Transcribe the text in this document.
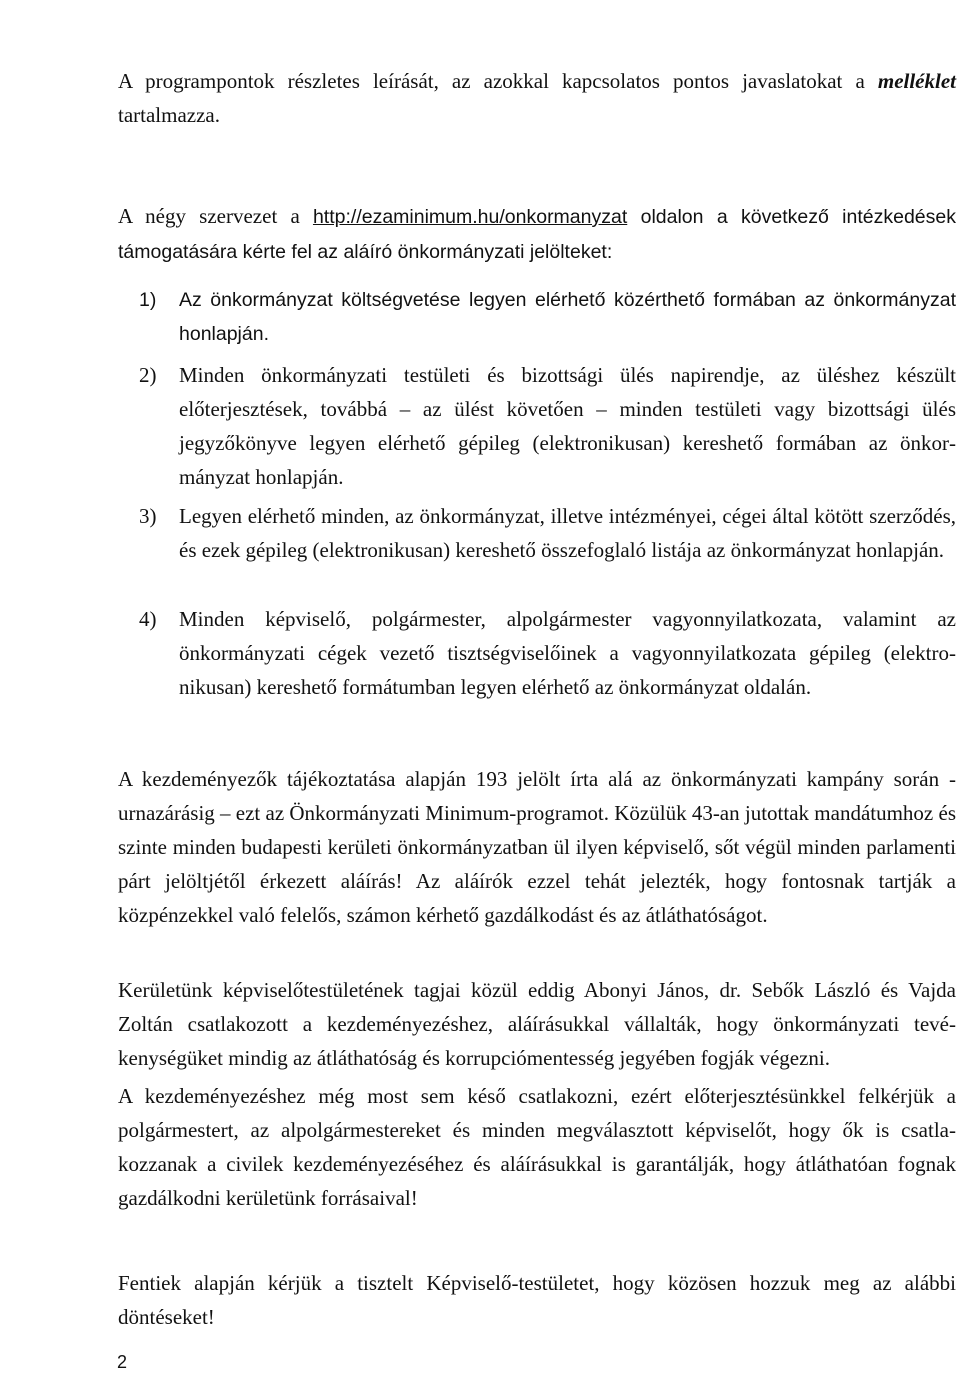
A programpontok részletes leírását, az azokkal kapcsolatos pontos javaslatokat a melléklet tartalmazza.

A négy szervezet a http://ezaminimum.hu/onkormanyzat oldalon a következő intézkedések támogatására kérte fel az aláíró önkormányzati jelölteket:

1)	Az önkormányzat költségvetése legyen elérhető közérthető formában az önkormányzat honlapján.
2)	Minden önkormányzati testületi és bizottsági ülés napirendje, az üléshez készült előterjesztések, továbbá – az ülést követően – minden testületi vagy bizottsági ülés jegyzőkönyve legyen elérhető gépileg (elektronikusan) kereshető formában az önkormányzat honlapján.
3)	Legyen elérhető minden, az önkormányzat, illetve intézményei, cégei által kötött szerződés, és ezek gépileg (elektronikusan) kereshető összefoglaló listája az önkormányzat honlapján.
4)	Minden képviselő, polgármester, alpolgármester vagyonnyilatkozata, valamint az önkormányzati cégek vezető tisztségviselőinek a vagyonnyilatkozata gépileg (elektronikusan) kereshető formátumban legyen elérhető az önkormányzat oldalán.

A kezdeményezők tájékoztatása alapján 193 jelölt írta alá az önkormányzati kampány során - urnazárásig – ezt az Önkormányzati Minimum-programot. Közülük 43-an jutottak mandátumhoz és szinte minden budapesti kerületi önkormányzatban ül ilyen képviselő, sőt végül minden parlamenti párt jelöltjétől érkezett aláírás! Az aláírók ezzel tehát jelezték, hogy fontosnak tartják a közpénzekkel való felelős, számon kérhető gazdálkodást és az átláthatóságot.

Kerületünk képviselőtestületének tagjai közül eddig Abonyi János, dr. Sebők László és Vajda Zoltán csatlakozott a kezdeményezéshez, aláírásukkal vállalták, hogy önkormányzati tevékenységüket mindig az átláthatóság és korrupciómentesség jegyében fogják végezni.

A kezdeményezéshez még most sem késő csatlakozni, ezért előterjesztésünkkel felkérjük a polgármestert, az alpolgármestereket és minden megválasztott képviselőt, hogy ők is csatlakozzanak a civilek kezdeményezéséhez és aláírásukkal is garantálják, hogy átláthatóan fognak gazdálkodni kerületünk forrásaival!

Fentiek alapján kérjük a tisztelt Képviselő-testületet, hogy közösen hozzuk meg az alábbi döntéseket!

2
